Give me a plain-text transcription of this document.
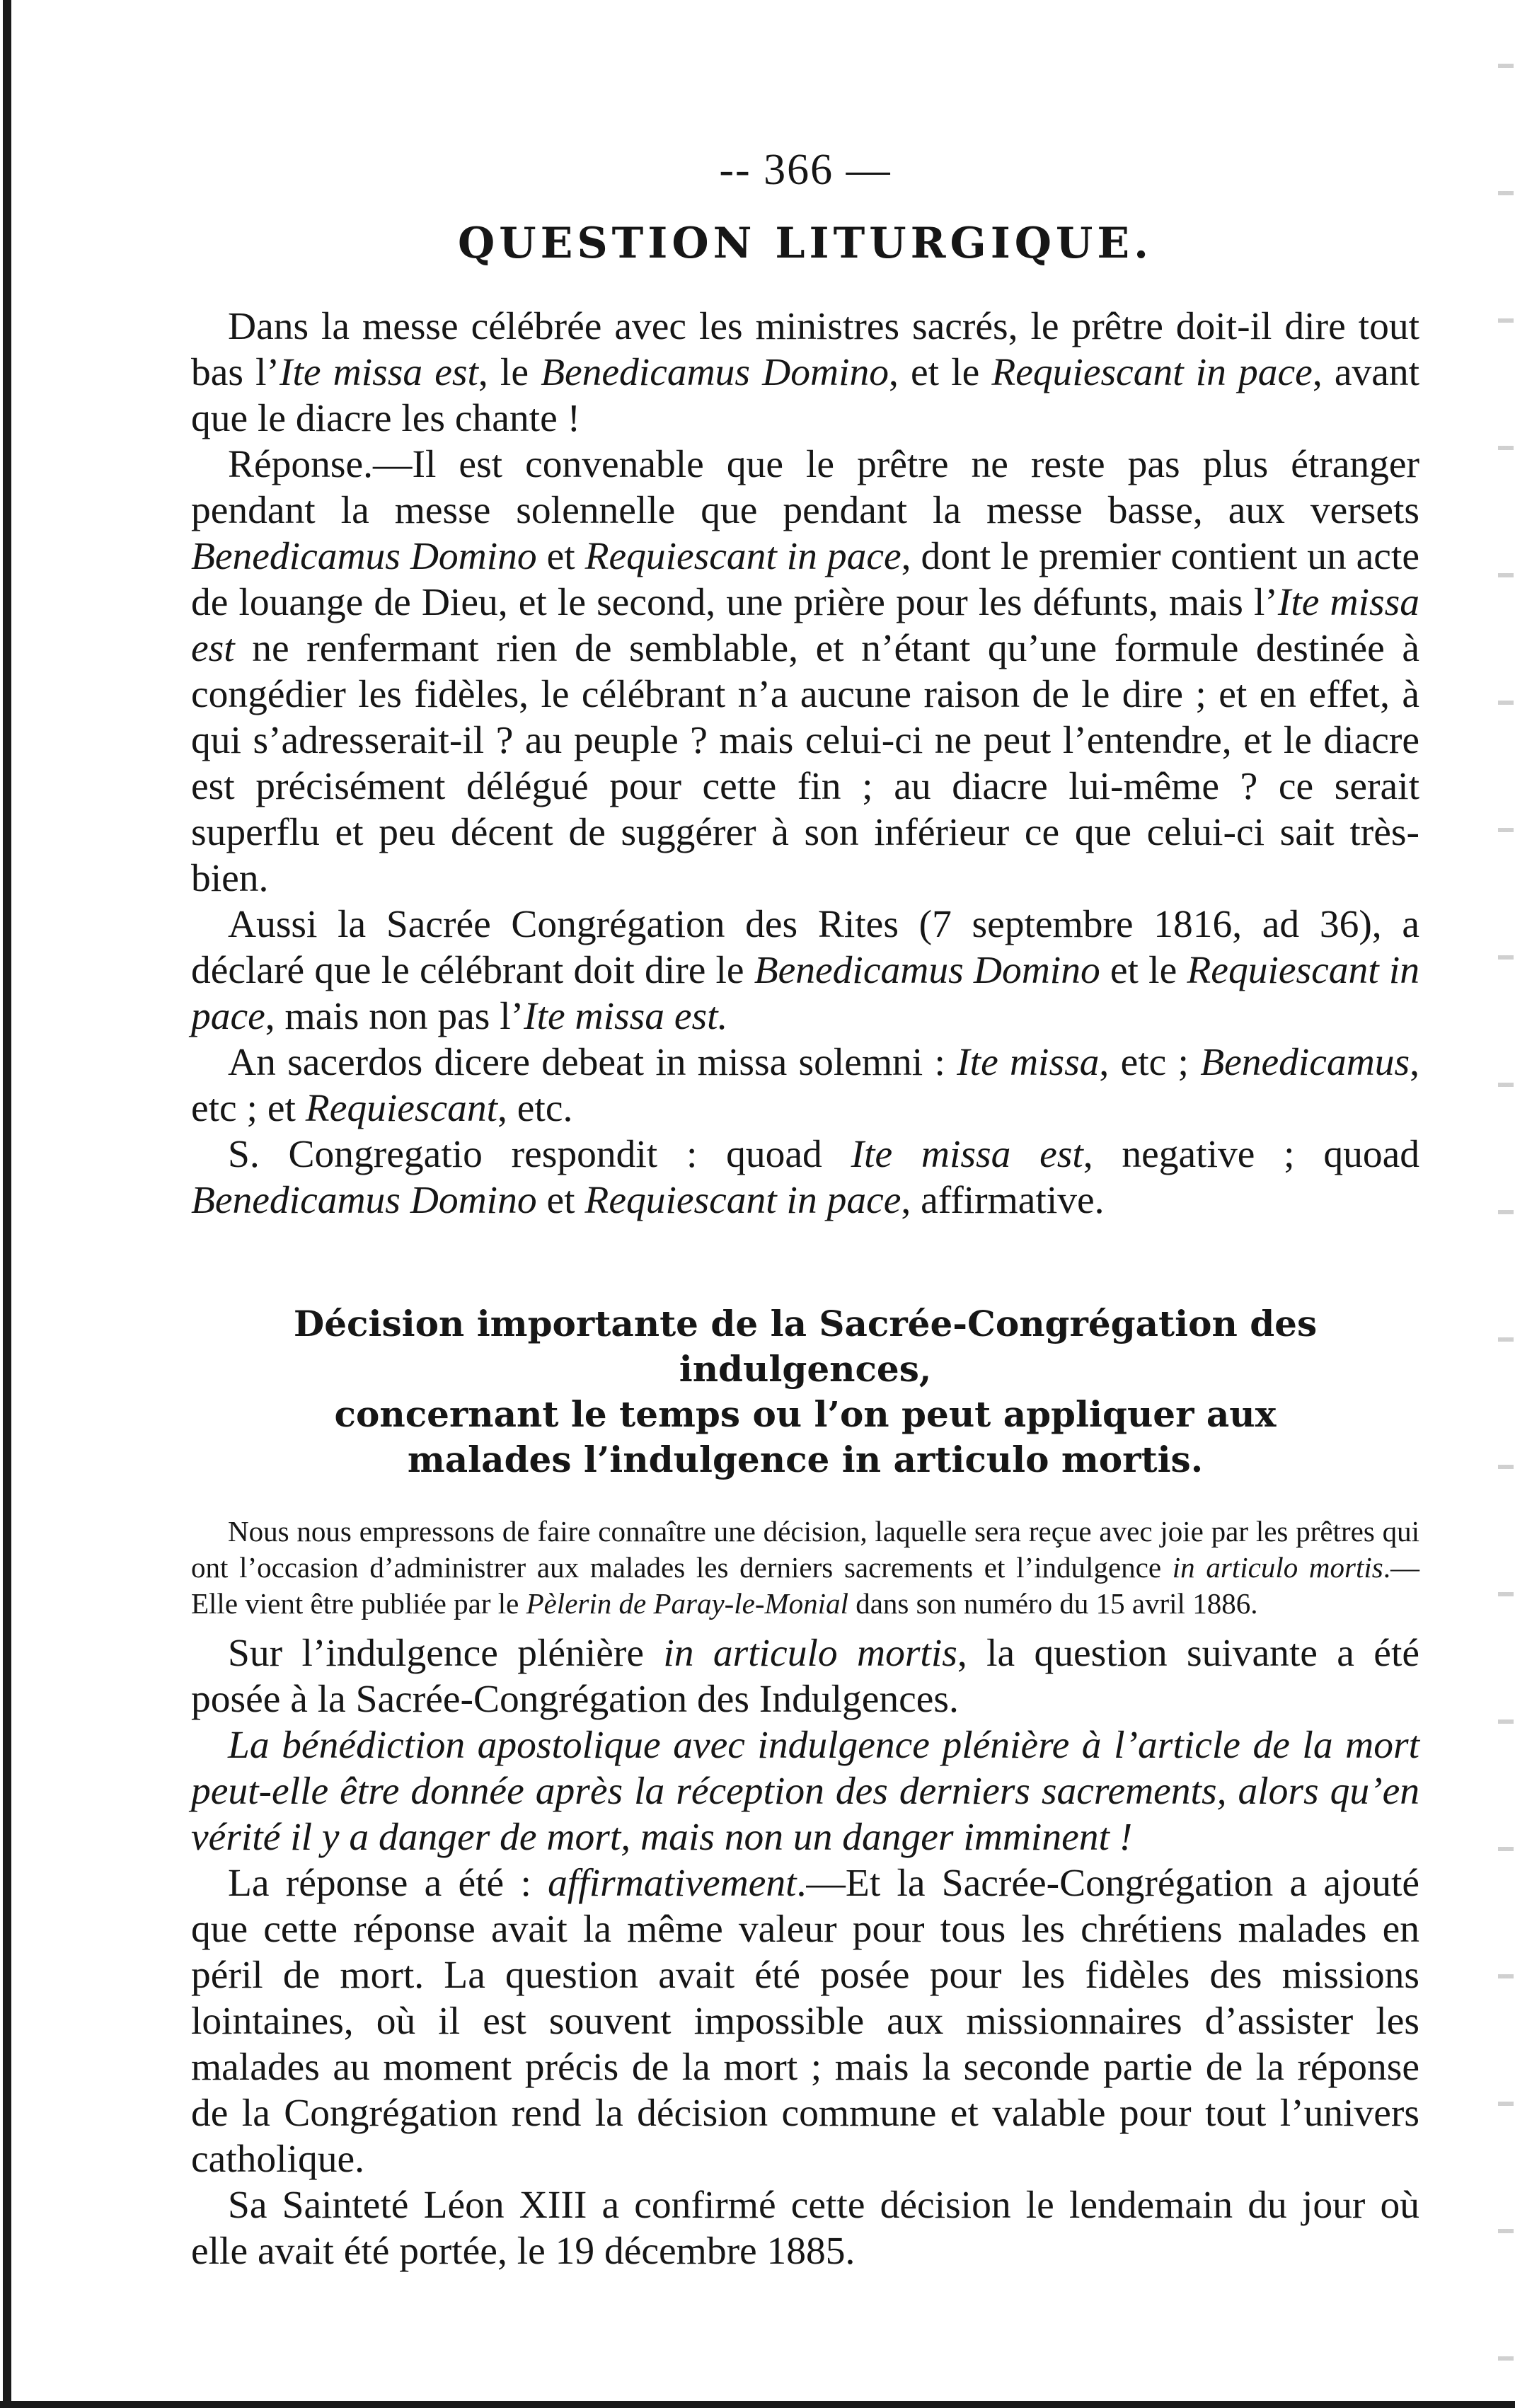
-- 366 —
QUESTION LITURGIQUE.

Dans la messe célébrée avec les ministres sacrés, le prêtre doit-il dire tout bas l’Ite missa est, le Benedicamus Domino, et le Requiescant in pace, avant que le diacre les chante !

Réponse.—Il est convenable que le prêtre ne reste pas plus étranger pendant la messe solennelle que pendant la messe basse, aux versets Benedicamus Domino et Requiescant in pace, dont le premier contient un acte de louange de Dieu, et le second, une prière pour les défunts, mais l’Ite missa est ne renfermant rien de semblable, et n’étant qu’une formule destinée à congédier les fidèles, le célébrant n’a aucune raison de le dire ; et en effet, à qui s’adresserait-il ? au peuple ? mais celui-ci ne peut l’entendre, et le diacre est précisément délégué pour cette fin ; au diacre lui-même ? ce serait superflu et peu décent de suggérer à son inférieur ce que celui-ci sait très-bien.

Aussi la Sacrée Congrégation des Rites (7 septembre 1816, ad 36), a déclaré que le célébrant doit dire le Benedicamus Domino et le Requiescant in pace, mais non pas l’Ite missa est.

An sacerdos dicere debeat in missa solemni : Ite missa, etc ; Benedicamus, etc ; et Requiescant, etc.

S. Congregatio respondit : quoad Ite missa est, negative ; quoad Benedicamus Domino et Requiescant in pace, affirmative.

Décision importante de la Sacrée-Congrégation des indulgences,
concernant le temps ou l’on peut appliquer aux
malades l’indulgence in articulo mortis.

Nous nous empressons de faire connaître une décision, laquelle sera reçue avec joie par les prêtres qui ont l’occasion d’administrer aux malades les derniers sacrements et l’indulgence in articulo mortis.—Elle vient être publiée par le Pèlerin de Paray-le-Monial dans son numéro du 15 avril 1886.

Sur l’indulgence plénière in articulo mortis, la question suivante a été posée à la Sacrée-Congrégation des Indulgences.

La bénédiction apostolique avec indulgence plénière à l’article de la mort peut-elle être donnée après la réception des derniers sacrements, alors qu’en vérité il y a danger de mort, mais non un danger imminent !

La réponse a été : affirmativement.—Et la Sacrée-Congrégation a ajouté que cette réponse avait la même valeur pour tous les chrétiens malades en péril de mort. La question avait été posée pour les fidèles des missions lointaines, où il est souvent impossible aux missionnaires d’assister les malades au moment précis de la mort ; mais la seconde partie de la réponse de la Congrégation rend la décision commune et valable pour tout l’univers catholique.

Sa Sainteté Léon XIII a confirmé cette décision le lendemain du jour où elle avait été portée, le 19 décembre 1885.
